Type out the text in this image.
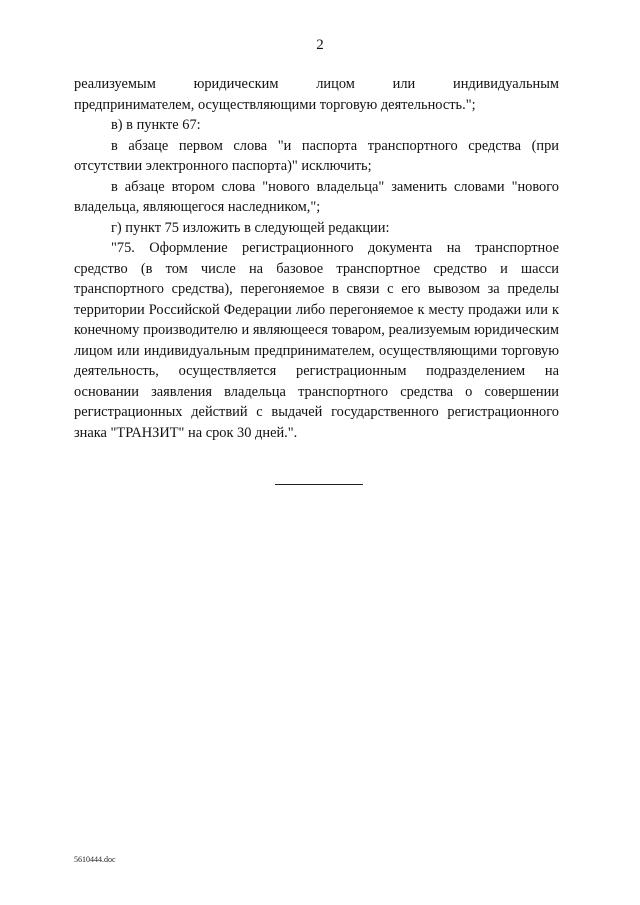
2

реализуемым юридическим лицом или индивидуальным

предпринимателем, осуществляющими торговую деятельность.";

в) в пункте 67:

в абзаце первом слова "и паспорта транспортного средства (при отсутствии электронного паспорта)" исключить;

в абзаце втором слова "нового владельца" заменить словами "нового владельца, являющегося наследником,";

г) пункт 75 изложить в следующей редакции:

"75. Оформление регистрационного документа на транспортное средство (в том числе на базовое транспортное средство и шасси транспортного средства), перегоняемое в связи с его вывозом за пределы территории Российской Федерации либо перегоняемое к месту продажи или к конечному производителю и являющееся товаром, реализуемым юридическим лицом или индивидуальным предпринимателем, осуществляющими торговую деятельность, осуществляется регистрационным подразделением на основании заявления владельца транспортного средства о совершении регистрационных действий с выдачей государственного регистрационного знака "ТРАНЗИТ" на срок 30 дней.".

5610444.doc
